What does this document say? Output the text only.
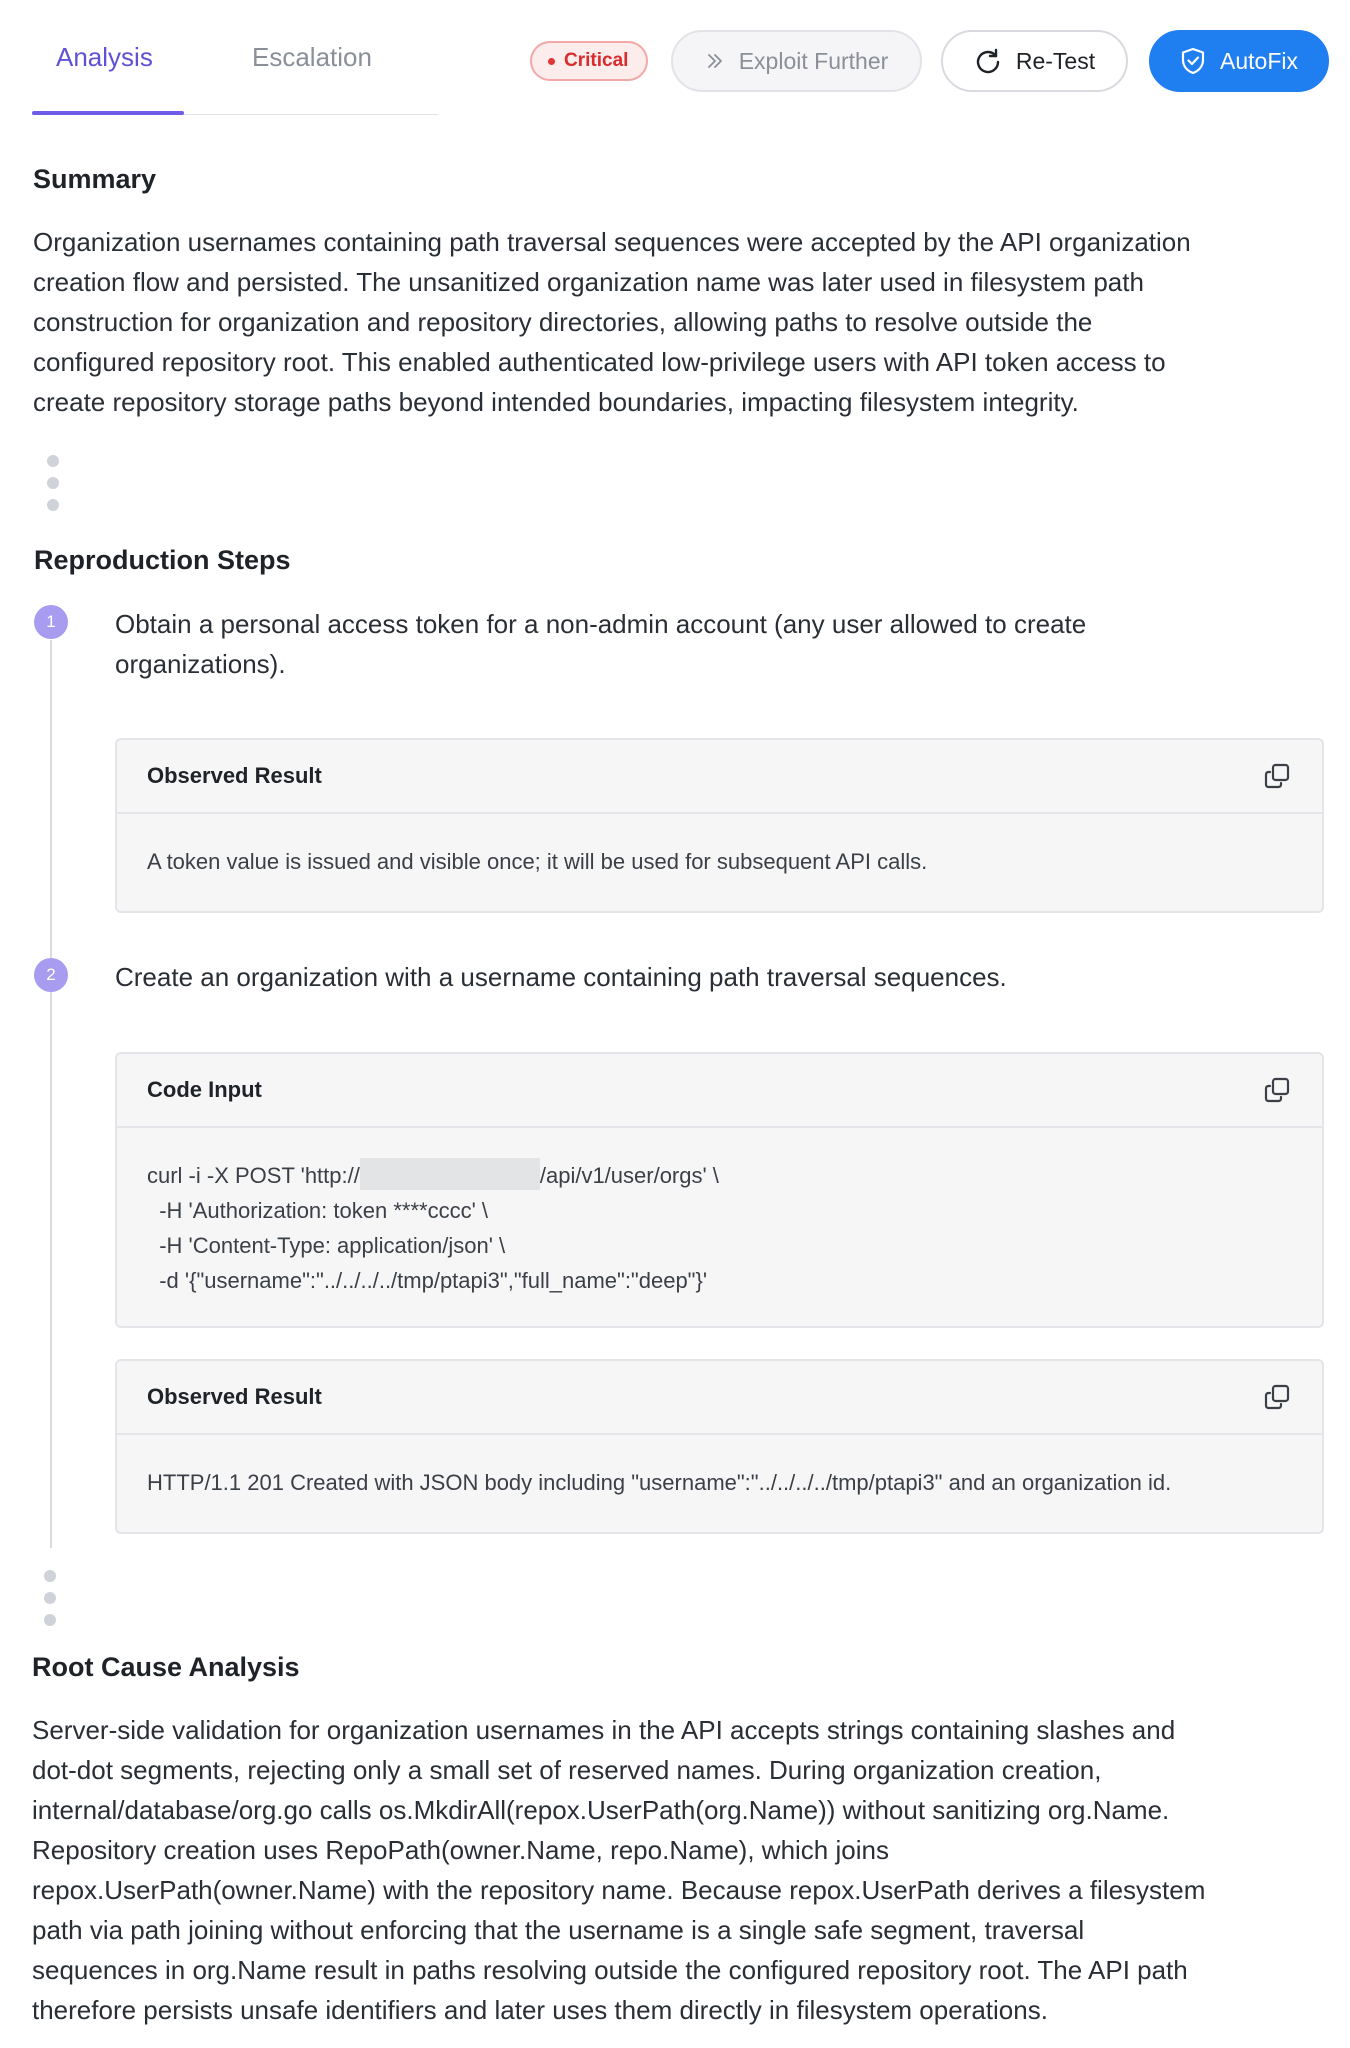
Analysis	Escalation	Critical	Exploit Further	Re-Test	AutoFix
Summary
Organization usernames containing path traversal sequences were accepted by the API organization
creation flow and persisted. The unsanitized organization name was later used in filesystem path
construction for organization and repository directories, allowing paths to resolve outside the
configured repository root. This enabled authenticated low-privilege users with API token access to
create repository storage paths beyond intended boundaries, impacting filesystem integrity.
Reproduction Steps
1	Obtain a personal access token for a non-admin account (any user allowed to create
organizations).
Observed Result
A token value is issued and visible once; it will be used for subsequent API calls.
2	Create an organization with a username containing path traversal sequences.
Code Input
curl -i -X POST 'http://	/api/v1/user/orgs' \
-H 'Authorization: token ****cccc' \
-H 'Content-Type: application/json' \
-d '{"username":"../../../../tmp/ptapi3","full_name":"deep"}'
Observed Result
HTTP/1.1 201 Created with JSON body including "username":"../../../../tmp/ptapi3" and an organization id.
Root Cause Analysis
Server-side validation for organization usernames in the API accepts strings containing slashes and
dot-dot segments, rejecting only a small set of reserved names. During organization creation,
internal/database/org.go calls os.MkdirAll(repox.UserPath(org.Name)) without sanitizing org.Name.
Repository creation uses RepoPath(owner.Name, repo.Name), which joins
repox.UserPath(owner.Name) with the repository name. Because repox.UserPath derives a filesystem
path via path joining without enforcing that the username is a single safe segment, traversal
sequences in org.Name result in paths resolving outside the configured repository root. The API path
therefore persists unsafe identifiers and later uses them directly in filesystem operations.
